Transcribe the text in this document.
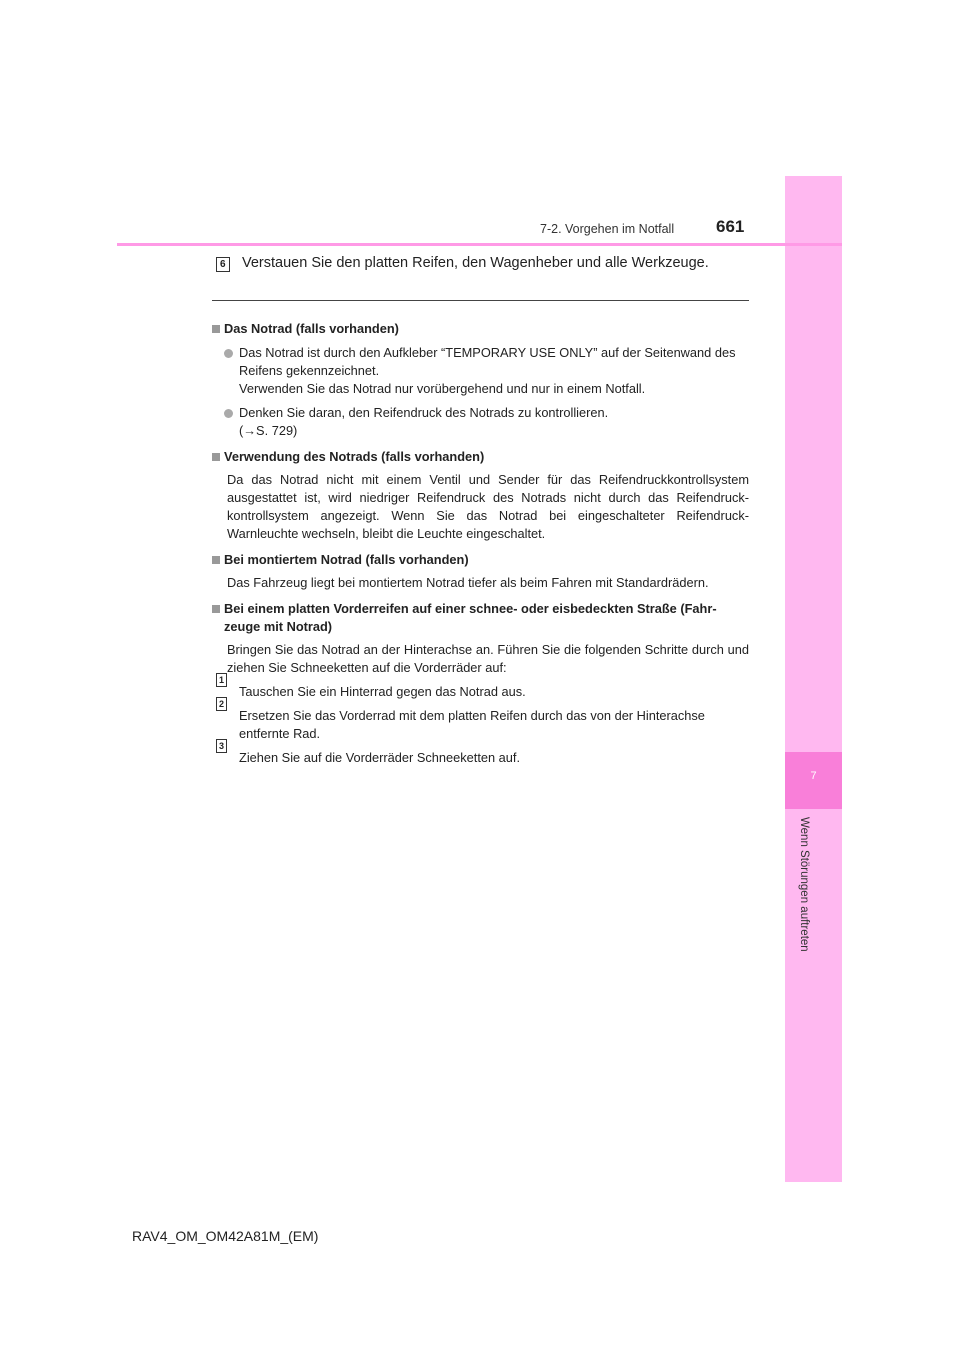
7
Wenn Störungen auftreten
7-2. Vorgehen im Notfall 661
6 Verstauen Sie den platten Reifen, den Wagenheber und alle Werkzeuge.
Das Notrad (falls vorhanden)
Das Notrad ist durch den Aufkleber “TEMPORARY USE ONLY” auf der Seitenwand des Reifens gekennzeichnet.
Verwenden Sie das Notrad nur vorübergehend und nur in einem Notfall.
Denken Sie daran, den Reifendruck des Notrads zu kontrollieren.
(→S. 729)
Verwendung des Notrads (falls vorhanden)
Da das Notrad nicht mit einem Ventil und Sender für das Reifendruckkontrollsystem ausgestattet ist, wird niedriger Reifendruck des Notrads nicht durch das Reifendruck-kontrollsystem angezeigt. Wenn Sie das Notrad bei eingeschalteter Reifendruck-Warnleuchte wechseln, bleibt die Leuchte eingeschaltet.
Bei montiertem Notrad (falls vorhanden)
Das Fahrzeug liegt bei montiertem Notrad tiefer als beim Fahren mit Standardrädern.
Bei einem platten Vorderreifen auf einer schnee- oder eisbedeckten Straße (Fahr-zeuge mit Notrad)
Bringen Sie das Notrad an der Hinterachse an. Führen Sie die folgenden Schritte durch und ziehen Sie Schneeketten auf die Vorderräder auf:
1
Tauschen Sie ein Hinterrad gegen das Notrad aus.
2
Ersetzen Sie das Vorderrad mit dem platten Reifen durch das von der Hinterachse entfernte Rad.
3
Ziehen Sie auf die Vorderräder Schneeketten auf.
RAV4_OM_OM42A81M_(EM)
